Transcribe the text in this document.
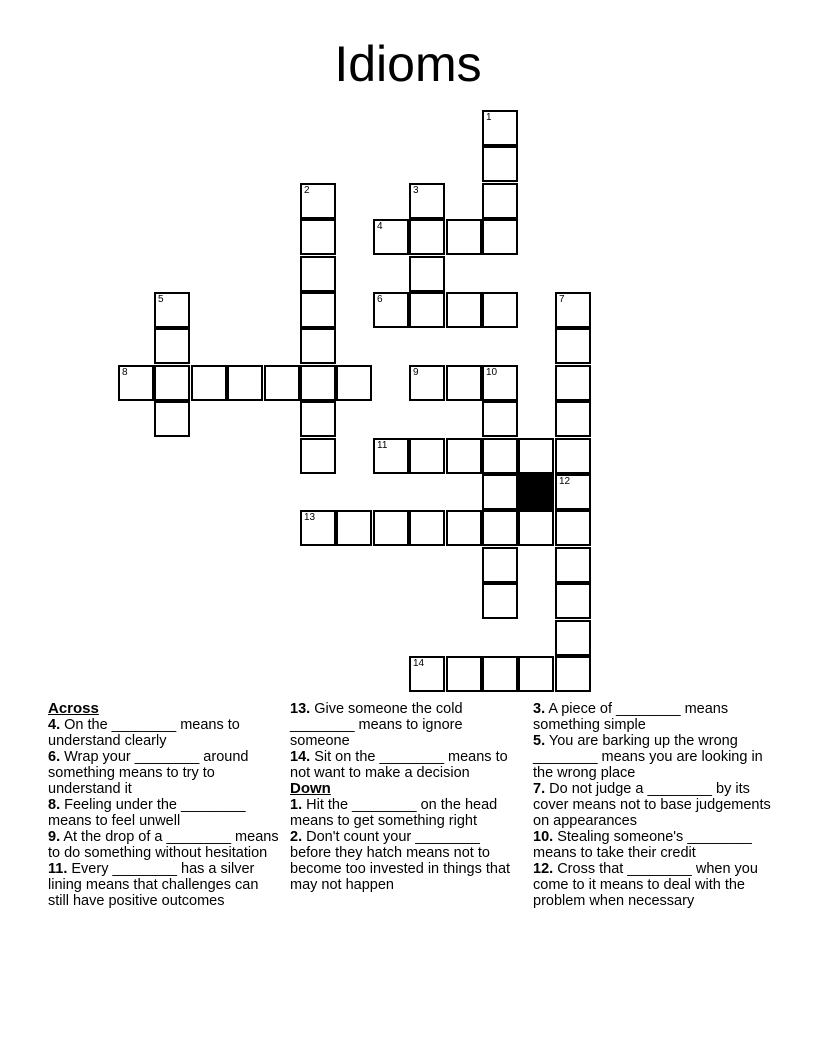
Idioms
1
2	3
4
5	6	7
8	9	10
11
12
13
14
Across

4. On the ________ means to understand clearly

6. Wrap your ________ around something means to try to understand it

8. Feeling under the ________ means to feel unwell

9. At the drop of a ________ means to do something without hesitation

11. Every ________ has a silver lining means that challenges can still have positive outcomes

13. Give someone the cold ________ means to ignore someone

14. Sit on the ________ means to not want to make a decision

Down

1. Hit the ________ on the head means to get something right

2. Don't count your ________ before they hatch means not to become too invested in things that may not happen

3. A piece of ________ means something simple

5. You are barking up the wrong ________ means you are looking in the wrong place

7. Do not judge a ________ by its cover means not to base judgements on appearances

10. Stealing someone's ________ means to take their credit

12. Cross that ________ when you come to it means to deal with the problem when necessary
